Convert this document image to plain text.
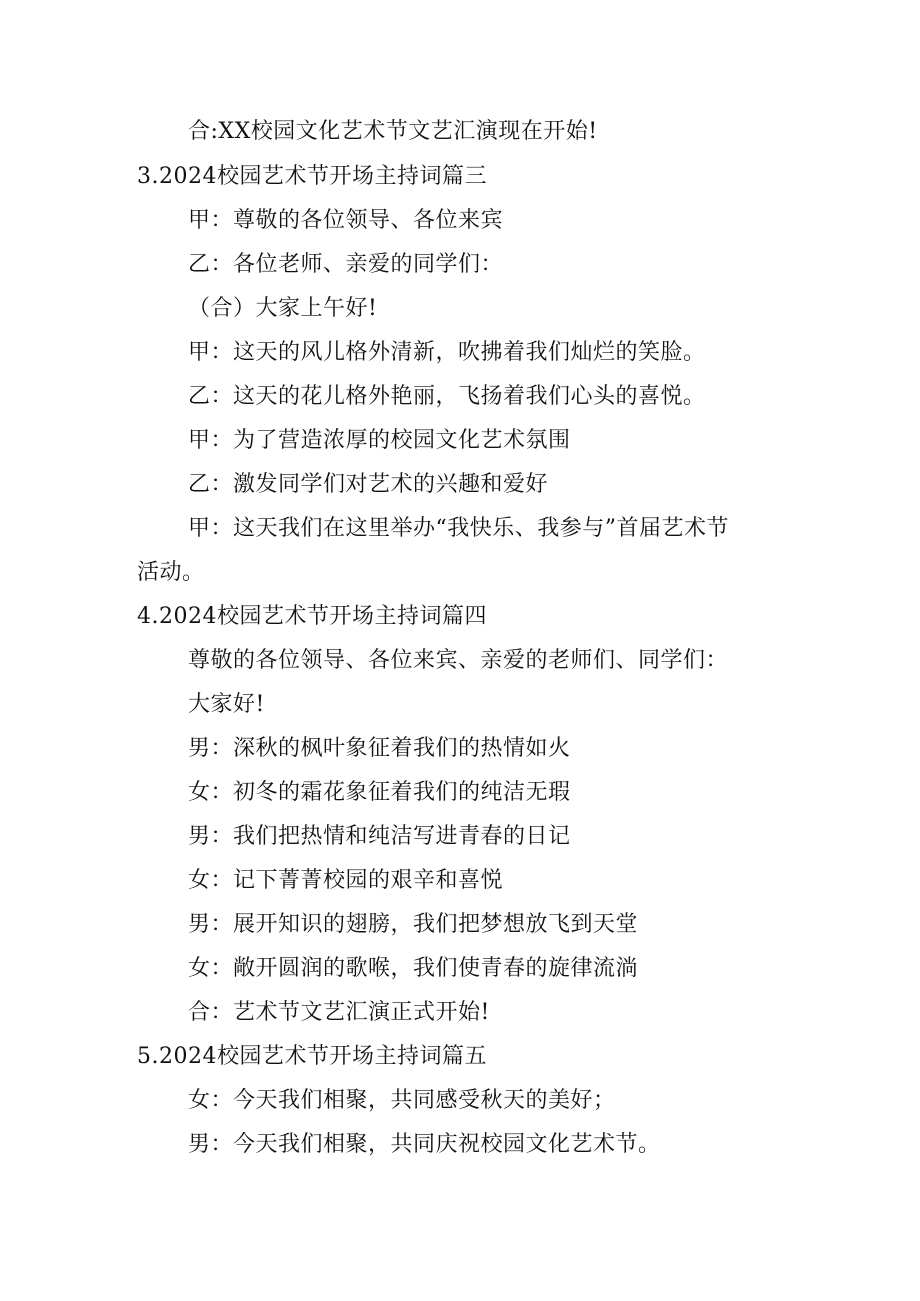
合:XX校园文化艺术节文艺汇演现在开始!
3.2024校园艺术节开场主持词篇三
甲：尊敬的各位领导、各位来宾
乙：各位老师、亲爱的同学们：
（合）大家上午好!
甲：这天的风儿格外清新，吹拂着我们灿烂的笑脸。
乙：这天的花儿格外艳丽，飞扬着我们心头的喜悦。
甲：为了营造浓厚的校园文化艺术氛围
乙：激发同学们对艺术的兴趣和爱好
甲：这天我们在这里举办“我快乐、我参与”首届艺术节
活动。
4.2024校园艺术节开场主持词篇四
尊敬的各位领导、各位来宾、亲爱的老师们、同学们：
大家好!
男：深秋的枫叶象征着我们的热情如火
女：初冬的霜花象征着我们的纯洁无瑕
男：我们把热情和纯洁写进青春的日记
女：记下菁菁校园的艰辛和喜悦
男：展开知识的翅膀，我们把梦想放飞到天堂
女：敞开圆润的歌喉，我们使青春的旋律流淌
合：艺术节文艺汇演正式开始!
5.2024校园艺术节开场主持词篇五
女：今天我们相聚，共同感受秋天的美好；
男：今天我们相聚，共同庆祝校园文化艺术节。
